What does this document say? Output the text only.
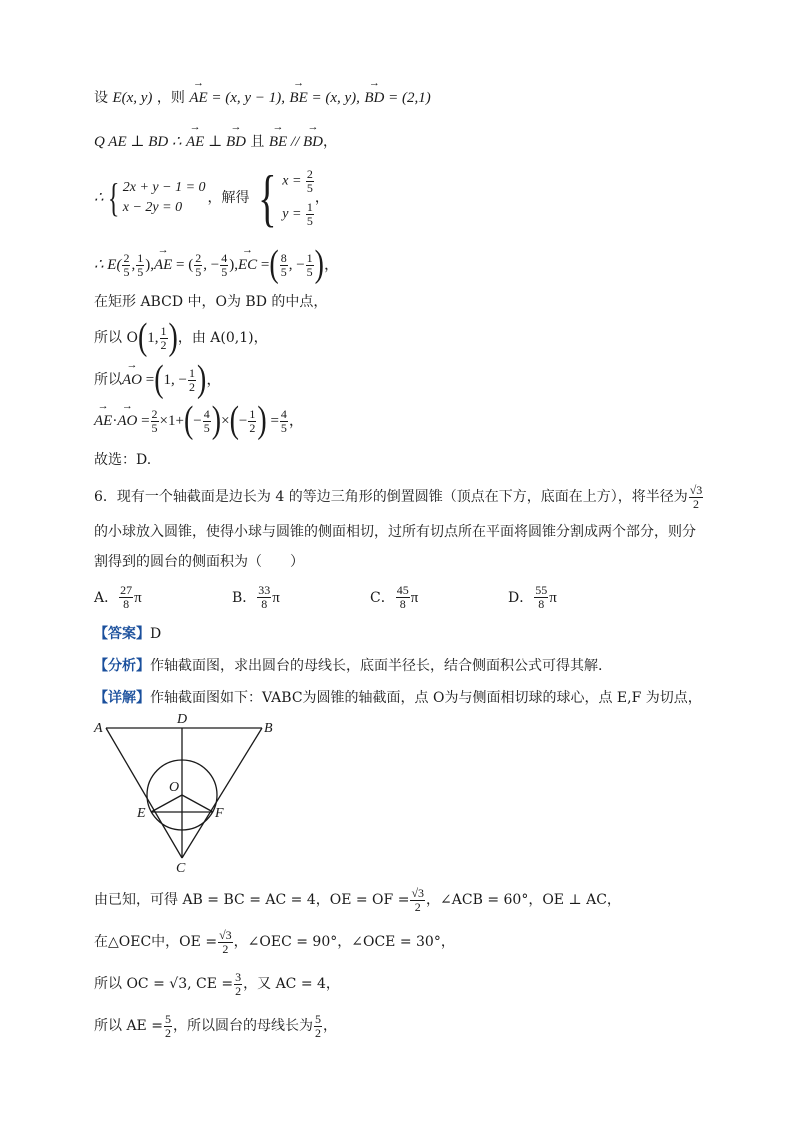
设 E(x, y) ，则 → AE = (x, y − 1), → BE = (x, y), → BD = (2,1)
Q AE ⊥ BD ∴ → AE ⊥ → BD 且 → BE // → BD，
∴ { 2x + y − 1 = 0
x − 2y = 0
，解得 { $x = \frac{2}{5}$
$y = \frac{1}{5}$
，
∴ $E( \frac{2}{5}$ , $\frac{1}{5}$ ), → AE = ( $\frac{2}{5}$ , − $\frac{4}{5}$ ), → EC = ( $\frac{8}{5}$ , − $\frac{1}{5}$ ) ，
在矩形 ABCD 中，O为 BD 的中点，
所以 O ( 1, $\frac{1}{2}$ ) ，由 A(0,1)，
所以 → AO = ( 1, − $\frac{1}{2}$ ) ，
→ AE · → AO = $\frac{2}{5} \times 1+$ ( − $\frac{4}{5}$ ) × ( − $\frac{1}{2}$ ) = $\frac{4}{5}$ ，
故选：D.
6．现有一个轴截面是边长为 4 的等边三角形的倒置圆锥（顶点在下方，底面在上方），将半径为 $\frac{√3}{2}$
的小球放入圆锥，使得小球与圆锥的侧面相切，过所有切点所在平面将圆锥分割成两个部分，则分
割得到的圆台的侧面积为（　　）
A． $\frac{27}{8}$ π	B． $\frac{33}{8}$ π	C． $\frac{45}{8}$ π	D． $\frac{55}{8}$ π
【答案】D
【分析】作轴截面图，求出圆台的母线长，底面半径长，结合侧面积公式可得其解.
【详解】作轴截面图如下：VABC为圆锥的轴截面，点 O为与侧面相切球的球心，点 E,F 为切点，
A	B
C
D
O
E	F
由已知，可得 AB = BC = AC = 4，OE = OF = $\frac{√3}{2}$ ，∠ACB = 60°，OE ⊥ AC，
在△OEC中，OE = $\frac{√3}{2}$ ，∠OEC = 90°，∠OCE = 30°，
所以 OC = √3, CE = $\frac{3}{2}$ ，又 AC = 4，
所以 AE = $\frac{5}{2}$ ，所以圆台的母线长为 $\frac{5}{2}$ ，
